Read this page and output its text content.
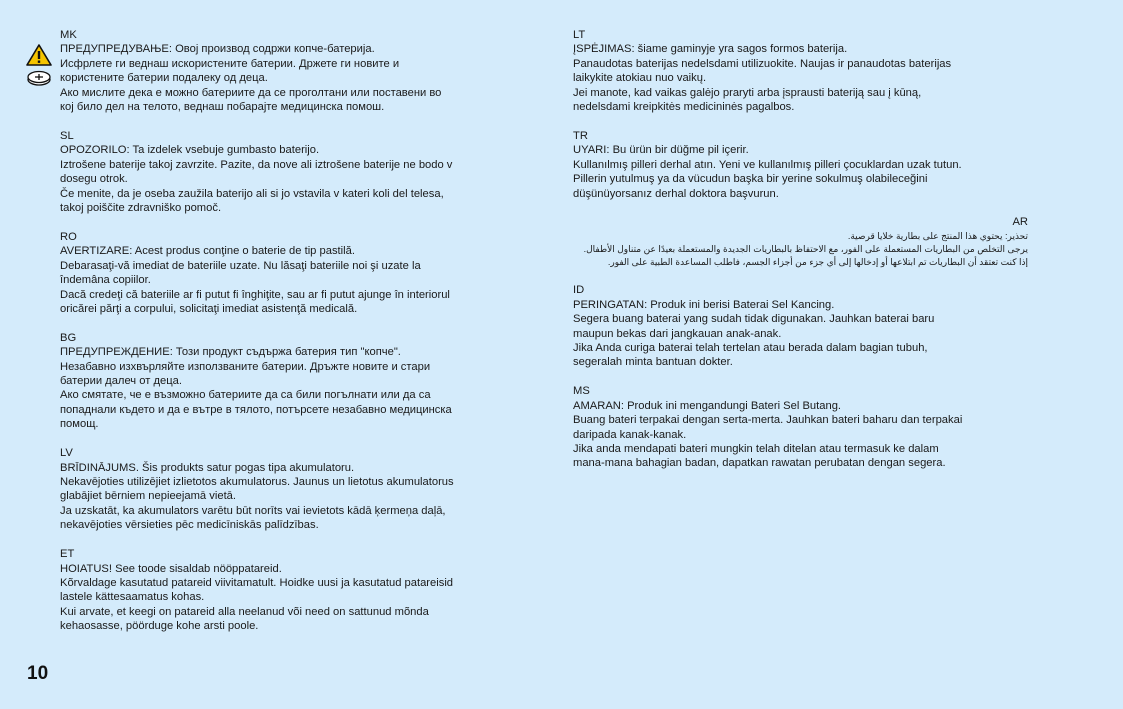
MK

ПРЕДУПРЕДУВАЊЕ: Овој производ содржи копче-батерија.

Исфрлете ги веднаш искористените батерии. Држете ги новите и

користените батерии подалеку од деца.

Ако мислите дека е можно батериите да се проголтани или поставени во

кој било дел на телото, веднаш побарајте медицинска помош.

SL

OPOZORILO: Ta izdelek vsebuje gumbasto baterijo.

Iztrošene baterije takoj zavrzite. Pazite, da nove ali iztrošene baterije ne bodo v

dosegu otrok.

Če menite, da je oseba zaužila baterijo ali si jo vstavila v kateri koli del telesa,

takoj poiščite zdravniško pomoč.

RO

AVERTIZARE: Acest produs conţine o baterie de tip pastilă.

Debarasaţi-vă imediat de bateriile uzate. Nu lăsaţi bateriile noi şi uzate la

îndemâna copiilor.

Dacă credeţi că bateriile ar fi putut fi înghiţite, sau ar fi putut ajunge în interiorul

oricărei părţi a corpului, solicitaţi imediat asistenţă medicală.

BG

ПРЕДУПРЕЖДЕНИЕ: Този продукт съдържа батерия тип "копче".

Незабавно изхвърляйте използваните батерии. Дръжте новите и стари

батерии далеч от деца.

Ако смятате, че е възможно батериите да са били погълнати или да са

попаднали където и да е вътре в тялото, потърсете незабавно медицинска

помощ.

LV

BRĪDINĀJUMS. Šis produkts satur pogas tipa akumulatoru.

Nekavējoties utilizējiet izlietotos akumulatorus. Jaunus un lietotus akumulatorus

glabājiet bērniem nepieejamā vietā.

Ja uzskatāt, ka akumulators varētu būt norīts vai ievietots kādā ķermeņa daļā,

nekavējoties vērsieties pēc medicīniskās palīdzības.

ET

HOIATUS! See toode sisaldab nööppatareid.

Kõrvaldage kasutatud patareid viivitamatult. Hoidke uusi ja kasutatud patareisid

lastele kättesaamatus kohas.

Kui arvate, et keegi on patareid alla neelanud või need on sattunud mõnda

kehaosasse, pöörduge kohe arsti poole.

LT

ĮSPĖJIMAS: šiame gaminyje yra sagos formos baterija.

Panaudotas baterijas nedelsdami utilizuokite. Naujas ir panaudotas baterijas

laikykite atokiau nuo vaikų.

Jei manote, kad vaikas galėjo praryti arba įsprausti bateriją sau į kūną,

nedelsdami kreipkitės medicininės pagalbos.

TR

UYARI: Bu ürün bir düğme pil içerir.

Kullanılmış pilleri derhal atın. Yeni ve kullanılmış pilleri çocuklardan uzak tutun.

Pillerin yutulmuş ya da vücudun başka bir yerine sokulmuş olabileceğini

düşünüyorsanız derhal doktora başvurun.

AR

تحذير: يحتوي هذا المنتج على بطارية خلايا قرصية.

يرجى التخلص من البطاريات المستعملة على الفور، مع الاحتفاظ بالبطاريات الجديدة والمستعملة بعيدًا عن متناول الأطفال.

إذا كنت تعتقد أن البطاريات تم ابتلاعها أو إدخالها إلى أي جزء من أجزاء الجسم، فاطلب المساعدة الطبية على الفور.

ID

PERINGATAN: Produk ini berisi Baterai Sel Kancing.

Segera buang baterai yang sudah tidak digunakan. Jauhkan baterai baru

maupun bekas dari jangkauan anak-anak.

Jika Anda curiga baterai telah tertelan atau berada dalam bagian tubuh,

segeralah minta bantuan dokter.

MS

AMARAN: Produk ini mengandungi Bateri Sel Butang.

Buang bateri terpakai dengan serta-merta. Jauhkan bateri baharu dan terpakai

daripada kanak-kanak.

Jika anda mendapati bateri mungkin telah ditelan atau termasuk ke dalam

mana-mana bahagian badan, dapatkan rawatan perubatan dengan segera.

10
